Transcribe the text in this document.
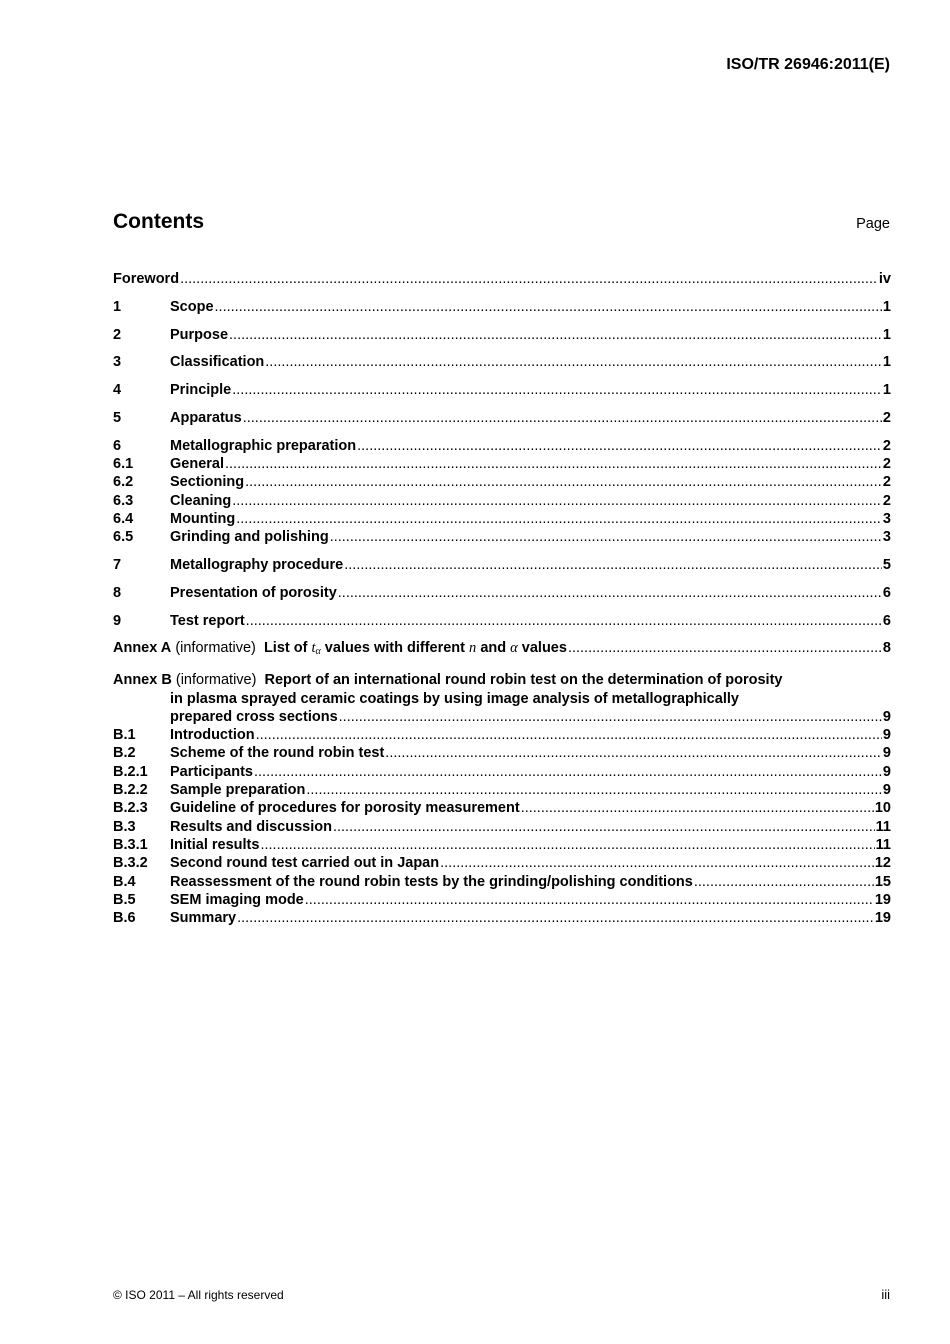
ISO/TR 26946:2011(E)
Contents	Page
Foreword .....	iv
1	Scope .....	1
2	Purpose .....	1
3	Classification .....	1
4	Principle .....	1
5	Apparatus .....	2
6	Metallographic preparation .....	2
6.1	General .....	2
6.2	Sectioning .....	2
6.3	Cleaning .....	2
6.4	Mounting .....	3
6.5	Grinding and polishing .....	3
7	Metallography procedure .....	5
8	Presentation of porosity .....	6
9	Test report .....	6
Annex A (informative) List of $t_\alpha$ values with different n and α values .....	8
Annex B (informative) Report of an international round robin test on the determination of porosity
in plasma sprayed ceramic coatings by using image analysis of metallographically
prepared cross sections .....	9
B.1	Introduction .....	9
B.2	Scheme of the round robin test .....	9
B.2.1	Participants .....	9
B.2.2	Sample preparation .....	9
B.2.3	Guideline of procedures for porosity measurement .....	10
B.3	Results and discussion .....	11
B.3.1	Initial results .....	11
B.3.2	Second round test carried out in Japan .....	12
B.4	Reassessment of the round robin tests by the grinding/polishing conditions .....	15
B.5	SEM imaging mode .....	19
B.6	Summary .....	19
© ISO 2011 – All rights reserved	iii
